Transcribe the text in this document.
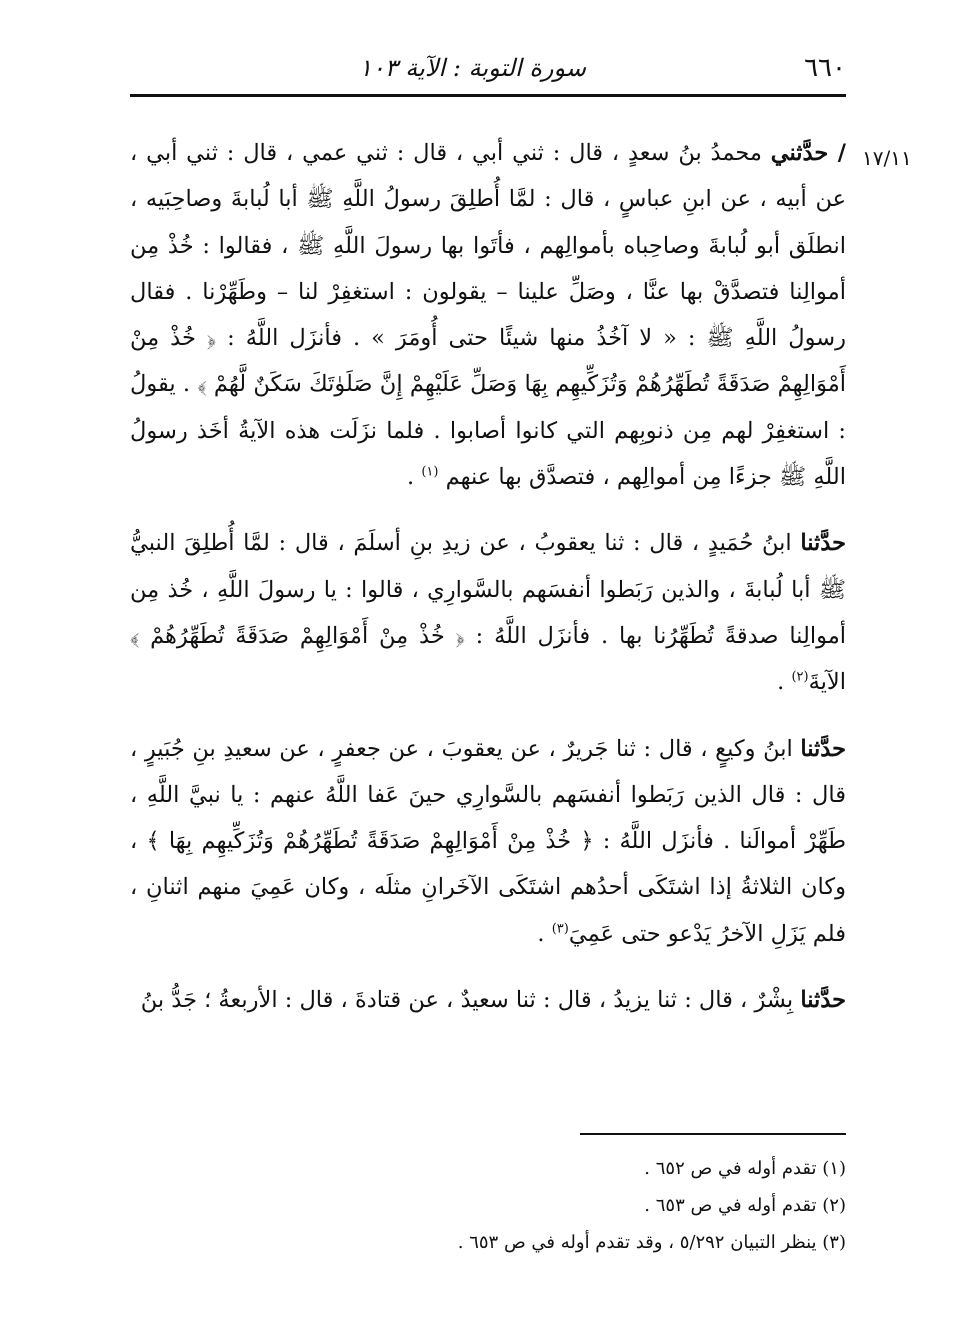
٦٦٠
سورة التوبة : الآية ١٠٣
١٧/١١

/ حدَّثني محمدُ بنُ سعدٍ ، قال : ثني أبي ، قال : ثني عمي ، قال : ثني أبي ، عن أبيه ، عن ابنِ عباسٍ ، قال : لمَّا أُطلِقَ رسولُ اللَّهِ ﷺ أبا لُبابةَ وصاحِبَيه ، انطلَق أبو لُبابةَ وصاحِباه بأموالِهم ، فأتَوا بها رسولَ اللَّهِ ﷺ ، فقالوا : خُذْ مِن أموالِنا فتصدَّقْ بها عنَّا ، وصَلِّ علينا – يقولون : استغفِرْ لنا – وطَهِّرْنا . فقال رسولُ اللَّهِ ﷺ : « لا آخُذُ منها شيئًا حتى أُومَرَ » . فأنزَل اللَّهُ : ﴿ خُذْ مِنْ أَمْوَالِهِمْ صَدَقَةً تُطَهِّرُهُمْ وَتُزَكِّيهِم بِهَا وَصَلِّ عَلَيْهِمْ إِنَّ صَلَوٰتَكَ سَكَنٌ لَّهُمْ ﴾ . يقولُ : استغفِرْ لهم مِن ذنوبِهم التي كانوا أصابوا . فلما نزَلَت هذه الآيةُ أخَذ رسولُ اللَّهِ ﷺ جزءًا مِن أموالِهم ، فتصدَّق بها عنهم $^{(١)}$ .

حدَّثنا ابنُ حُمَيدٍ ، قال : ثنا يعقوبُ ، عن زيدِ بنِ أسلَمَ ، قال : لمَّا أُطلِقَ النبيُّ ﷺ أبا لُبابةَ ، والذين رَبَطوا أنفسَهم بالسَّوارِي ، قالوا : يا رسولَ اللَّهِ ، خُذ مِن أموالِنا صدقةً تُطَهِّرُنا بها . فأنزَل اللَّهُ : ﴿ خُذْ مِنْ أَمْوَالِهِمْ صَدَقَةً تُطَهِّرُهُمْ ﴾ الآيةَ$^{(٢)}$ .

حدَّثنا ابنُ وكيعٍ ، قال : ثنا جَريرٌ ، عن يعقوبَ ، عن جعفرٍ ، عن سعيدِ بنِ جُبَيرٍ ، قال : قال الذين رَبَطوا أنفسَهم بالسَّوارِي حينَ عَفا اللَّهُ عنهم : يا نبيَّ اللَّهِ ، طَهِّرْ أموالَنا . فأنزَل اللَّهُ : ﴿ خُذْ مِنْ أَمْوَالِهِمْ صَدَقَةً تُطَهِّرُهُمْ وَتُزَكِّيهِم بِهَا ﴾ ، وكان الثلاثةُ إذا اشتَكَى أحدُهم اشتَكَى الآخَرانِ مثلَه ، وكان عَمِيَ منهم اثنانِ ، فلم يَزَلِ الآخرُ يَدْعو حتى عَمِيَ$^{(٣)}$ .

حدَّثنا بِشْرٌ ، قال : ثنا يزيدُ ، قال : ثنا سعيدٌ ، عن قتادةَ ، قال : الأربعةُ ؛ جَدُّ بنُ

(١) تقدم أوله في ص ٦٥٢ .
(٢) تقدم أوله في ص ٦٥٣ .
(٣) ينظر التبيان ٥/٢٩٢ ، وقد تقدم أوله في ص ٦٥٣ .
